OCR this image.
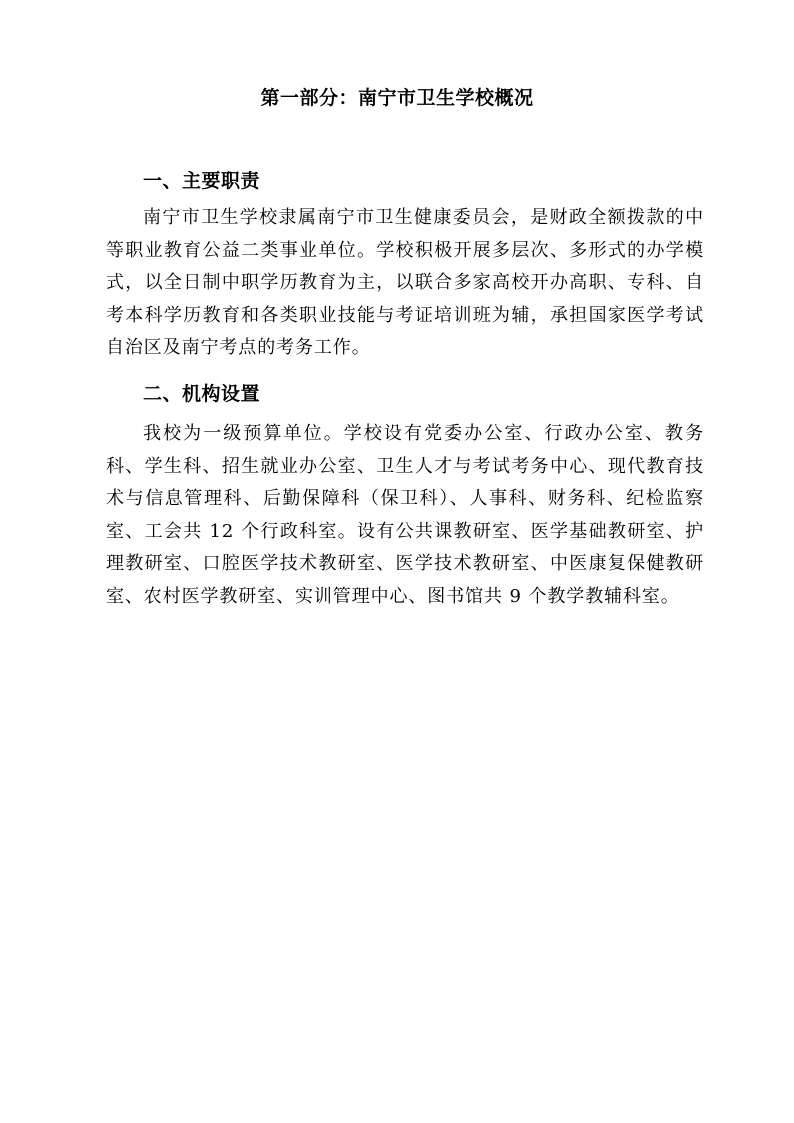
第一部分：南宁市卫生学校概况
一、主要职责
南宁市卫生学校隶属南宁市卫生健康委员会，是财政全额拨款的中等职业教育公益二类事业单位。学校积极开展多层次、多形式的办学模式，以全日制中职学历教育为主，以联合多家高校开办高职、专科、自考本科学历教育和各类职业技能与考证培训班为辅，承担国家医学考试自治区及南宁考点的考务工作。
二、机构设置
我校为一级预算单位。学校设有党委办公室、行政办公室、教务科、学生科、招生就业办公室、卫生人才与考试考务中心、现代教育技术与信息管理科、后勤保障科（保卫科）、人事科、财务科、纪检监察室、工会共 12 个行政科室。设有公共课教研室、医学基础教研室、护理教研室、口腔医学技术教研室、医学技术教研室、中医康复保健教研室、农村医学教研室、实训管理中心、图书馆共 9 个教学教辅科室。
